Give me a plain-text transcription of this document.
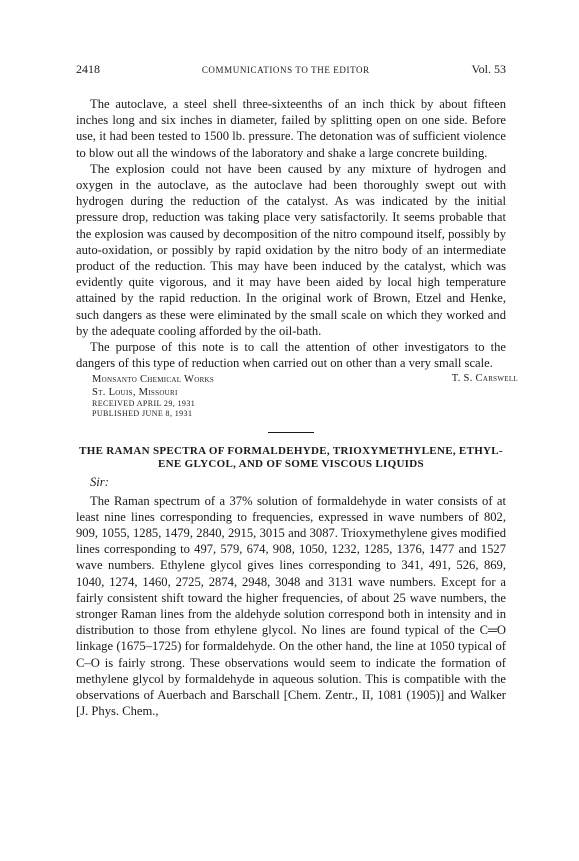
2418	COMMUNICATIONS TO THE EDITOR	Vol. 53

The autoclave, a steel shell three-sixteenths of an inch thick by about fifteen inches long and six inches in diameter, failed by splitting open on one side. Before use, it had been tested to 1500 lb. pressure. The detonation was of sufficient violence to blow out all the windows of the laboratory and shake a large concrete building.

The explosion could not have been caused by any mixture of hydrogen and oxygen in the autoclave, as the autoclave had been thoroughly swept out with hydrogen during the reduction of the catalyst. As was indicated by the initial pressure drop, reduction was taking place very satisfactorily. It seems probable that the explosion was caused by decomposition of the nitro compound itself, possibly by auto-oxidation, or possibly by rapid oxidation by the nitro body of an intermediate product of the reduction. This may have been induced by the catalyst, which was evidently quite vigorous, and it may have been aided by local high temperature attained by the rapid reduction. In the original work of Brown, Etzel and Henke, such dangers as these were eliminated by the small scale on which they worked and by the adequate cooling afforded by the oil-bath.

The purpose of this note is to call the attention of other investigators to the dangers of this type of reduction when carried out on other than a very small scale.

Monsanto Chemical Works
St. Louis, Missouri
RECEIVED APRIL 29, 1931
PUBLISHED JUNE 8, 1931
T. S. Carswell

THE RAMAN SPECTRA OF FORMALDEHYDE, TRIOXYMETHYLENE, ETHYL-

ENE GLYCOL, AND OF SOME VISCOUS LIQUIDS

Sir:

The Raman spectrum of a 37% solution of formaldehyde in water consists of at least nine lines corresponding to frequencies, expressed in wave numbers of 802, 909, 1055, 1285, 1479, 2840, 2915, 3015 and 3087. Trioxymethylene gives modified lines corresponding to 497, 579, 674, 908, 1050, 1232, 1285, 1376, 1477 and 1527 wave numbers. Ethylene glycol gives lines corresponding to 341, 491, 526, 869, 1040, 1274, 1460, 2725, 2874, 2948, 3048 and 3131 wave numbers. Except for a fairly consistent shift toward the higher frequencies, of about 25 wave numbers, the stronger Raman lines from the aldehyde solution correspond both in intensity and in distribution to those from ethylene glycol. No lines are found typical of the C═O linkage (1675–1725) for formaldehyde. On the other hand, the line at 1050 typical of C–O is fairly strong. These observations would seem to indicate the formation of methylene glycol by formaldehyde in aqueous solution. This is compatible with the observations of Auerbach and Barschall [Chem. Zentr., II, 1081 (1905)] and Walker [J. Phys. Chem.,
